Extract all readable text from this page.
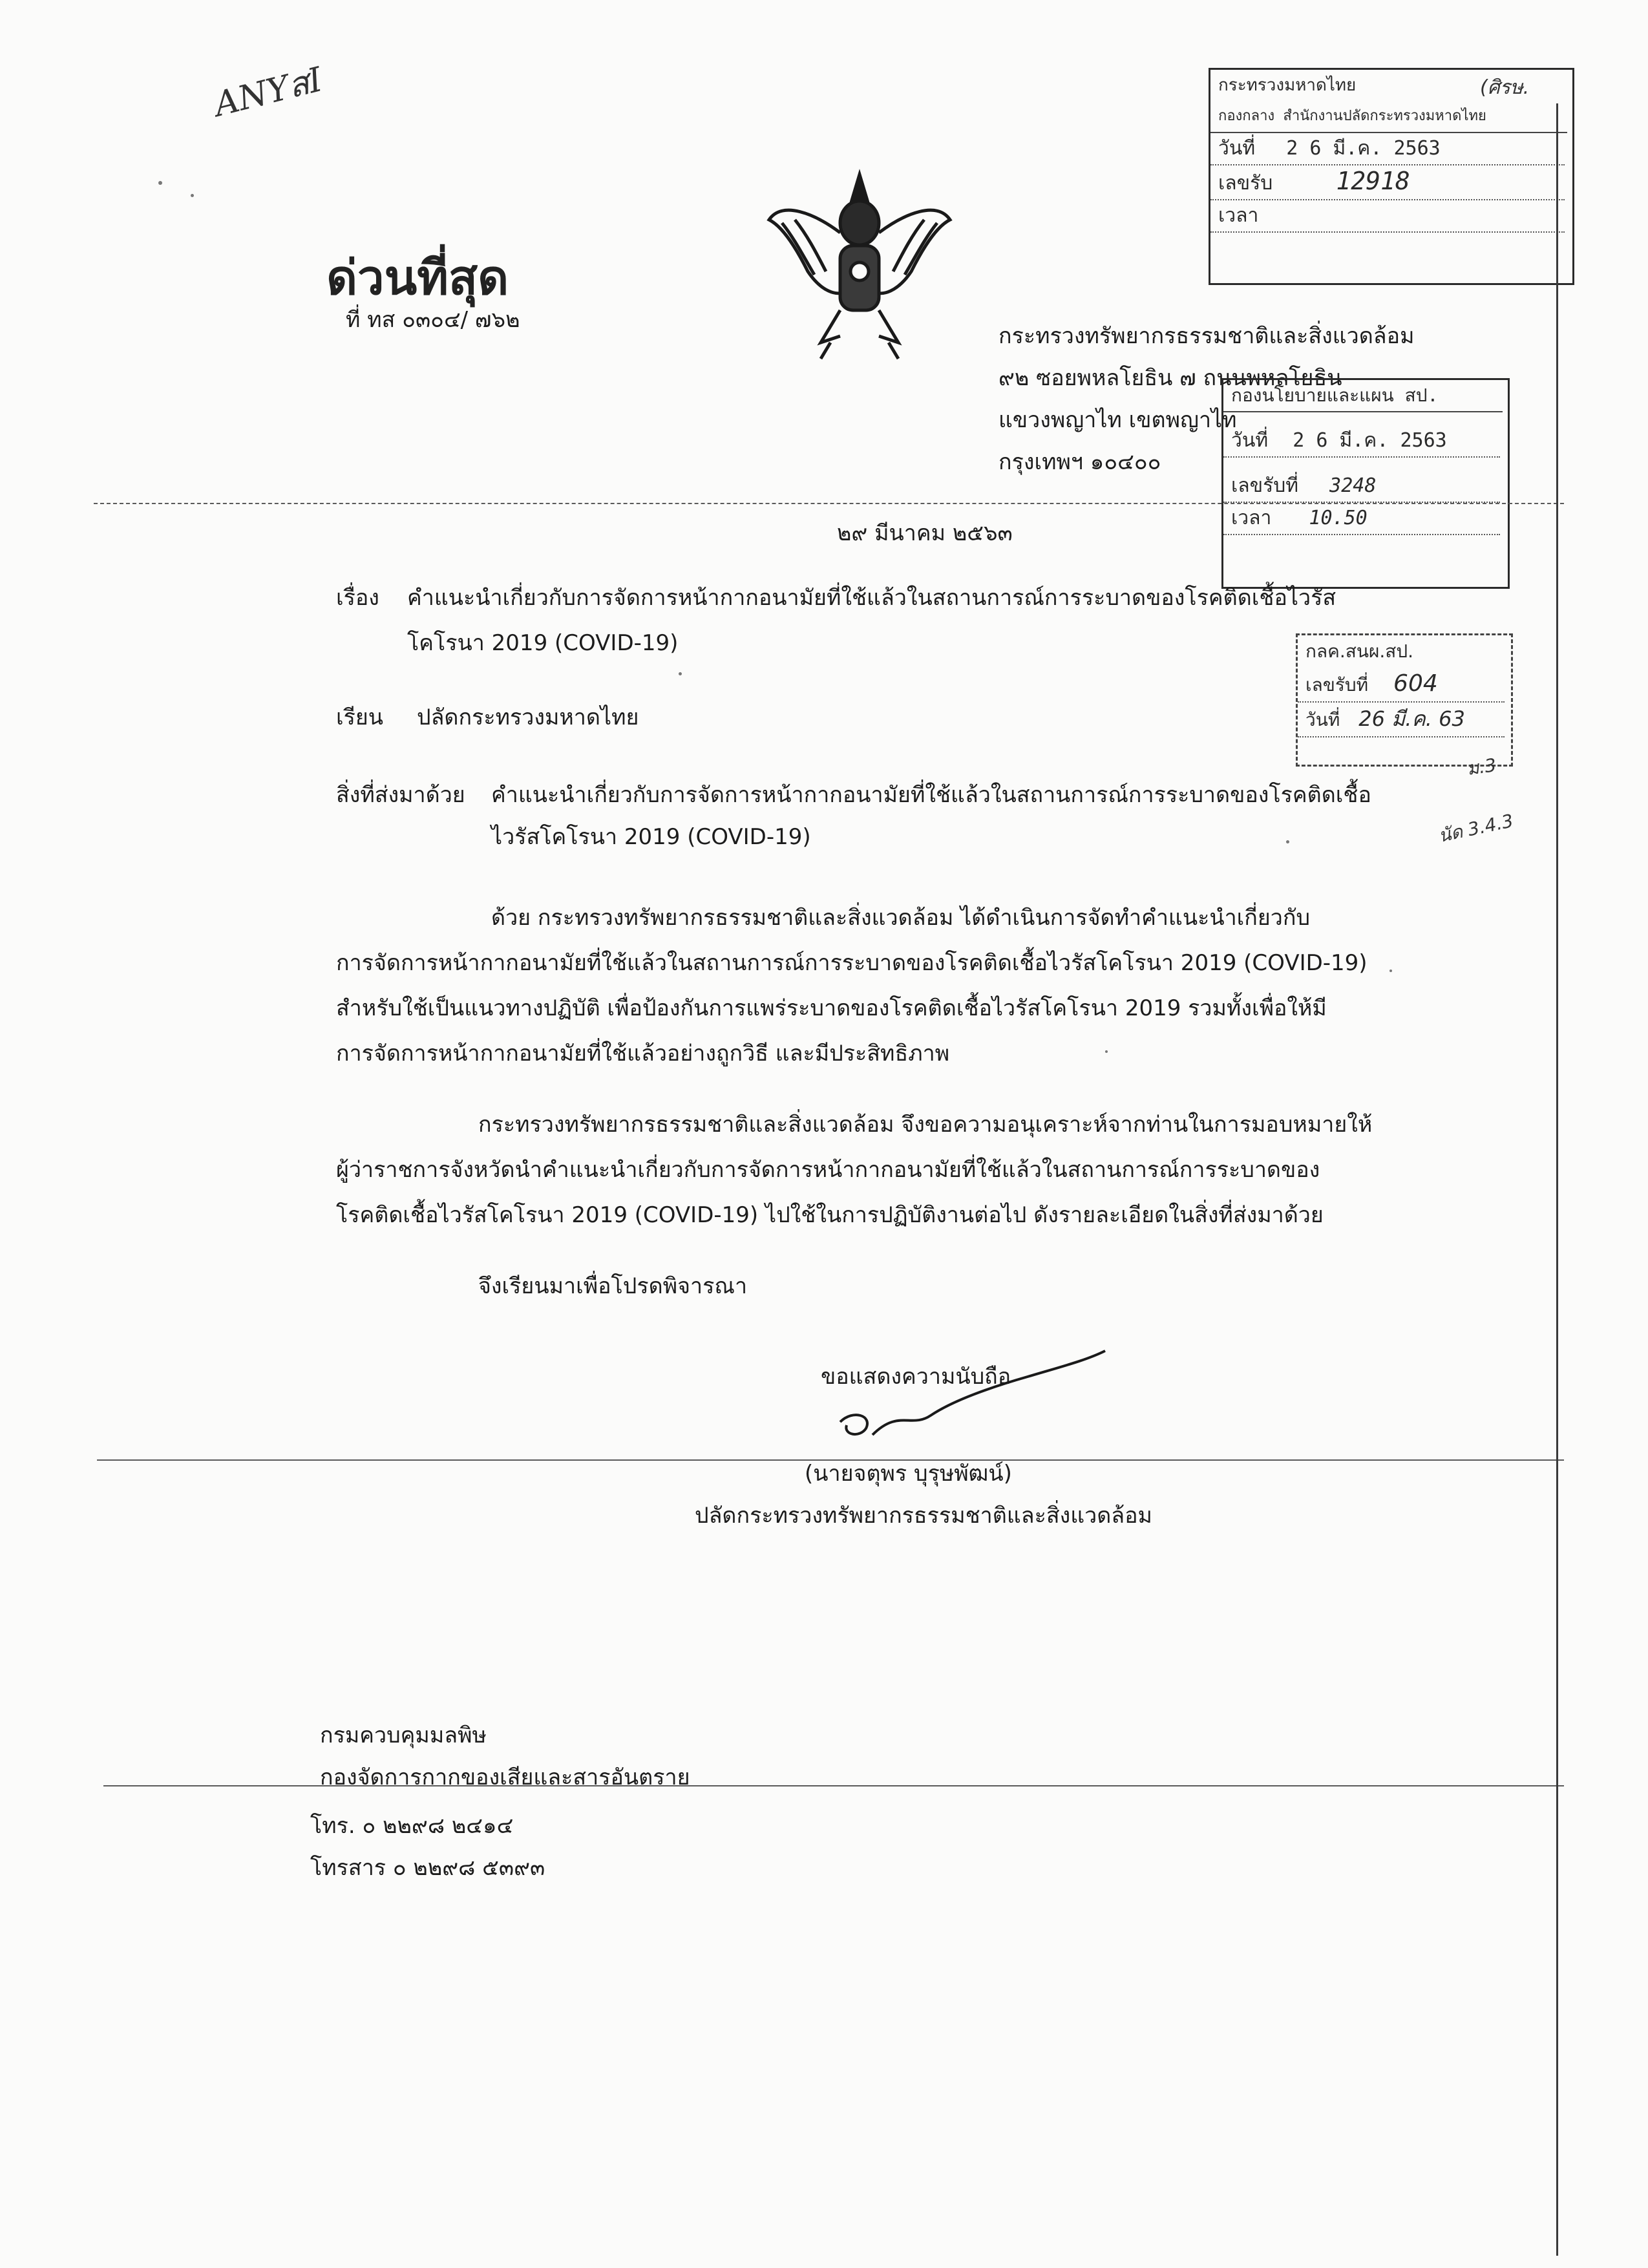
ANYสI
ด่วนที่สุด
ที่ ทส ๐๓๐๔/ ๗๖๒
กระทรวงทรัพยากรธรรมชาติและสิ่งแวดล้อม
๙๒ ซอยพหลโยธิน ๗ ถนนพหลโยธิน
แขวงพญาไท เขตพญาไท
กรุงเทพฯ ๑๐๔๐๐
กระทรวงมหาดไทย
กองกลาง สำนักงานปลัดกระทรวงมหาดไทย
วันที่ 2 6 มี.ค. 2563
เลขรับ	12918
เวลา
(ศิรษ.
กองนโยบายและแผน สป.
วันที่ 2 6 มี.ค. 2563
เลขรับที่ 3248
เวลา 10.50
กลค.สนผ.สป.
เลขรับที่ 604
วันที่ 26 มี.ค. 63
ม.3
นัด 3.4.3
๒๙ มีนาคม ๒๕๖๓
เรื่อง คำแนะนำเกี่ยวกับการจัดการหน้ากากอนามัยที่ใช้แล้วในสถานการณ์การระบาดของโรคติดเชื้อไวรัส
โคโรนา 2019 (COVID-19)
เรียน ปลัดกระทรวงมหาดไทย
สิ่งที่ส่งมาด้วย คำแนะนำเกี่ยวกับการจัดการหน้ากากอนามัยที่ใช้แล้วในสถานการณ์การระบาดของโรคติดเชื้อ
ไวรัสโคโรนา 2019 (COVID-19)
ด้วย กระทรวงทรัพยากรธรรมชาติและสิ่งแวดล้อม ได้ดำเนินการจัดทำคำแนะนำเกี่ยวกับ
การจัดการหน้ากากอนามัยที่ใช้แล้วในสถานการณ์การระบาดของโรคติดเชื้อไวรัสโคโรนา 2019 (COVID-19)
สำหรับใช้เป็นแนวทางปฏิบัติ เพื่อป้องกันการแพร่ระบาดของโรคติดเชื้อไวรัสโคโรนา 2019 รวมทั้งเพื่อให้มี
การจัดการหน้ากากอนามัยที่ใช้แล้วอย่างถูกวิธี และมีประสิทธิภาพ
กระทรวงทรัพยากรธรรมชาติและสิ่งแวดล้อม จึงขอความอนุเคราะห์จากท่านในการมอบหมายให้
ผู้ว่าราชการจังหวัดนำคำแนะนำเกี่ยวกับการจัดการหน้ากากอนามัยที่ใช้แล้วในสถานการณ์การระบาดของ
โรคติดเชื้อไวรัสโคโรนา 2019 (COVID-19) ไปใช้ในการปฏิบัติงานต่อไป ดังรายละเอียดในสิ่งที่ส่งมาด้วย
จึงเรียนมาเพื่อโปรดพิจารณา
ขอแสดงความนับถือ
(นายจตุพร บุรุษพัฒน์)
ปลัดกระทรวงทรัพยากรธรรมชาติและสิ่งแวดล้อม
กรมควบคุมมลพิษ
กองจัดการกากของเสียและสารอันตราย
โทร. ๐ ๒๒๙๘ ๒๔๑๔
โทรสาร ๐ ๒๒๙๘ ๕๓๙๓
